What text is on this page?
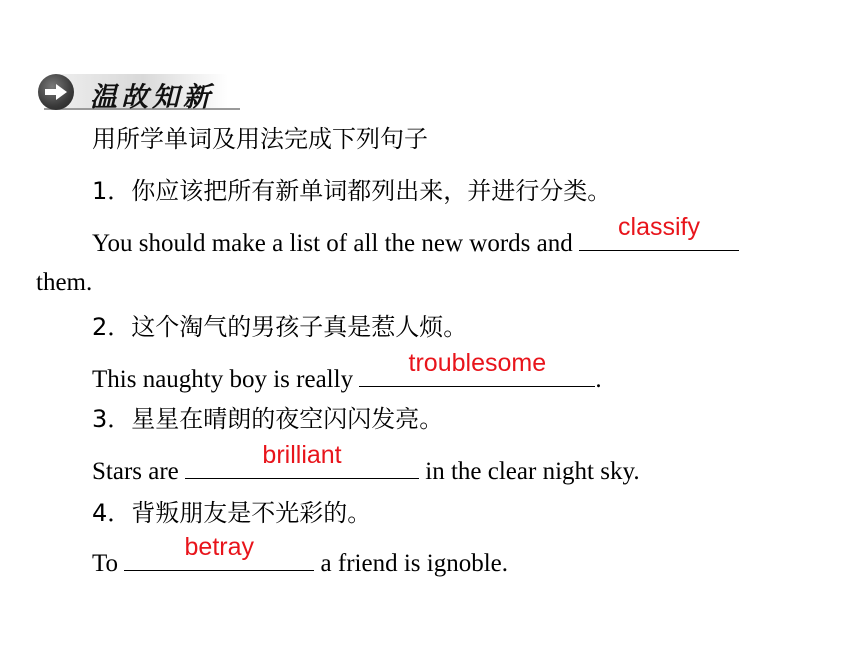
温故知新
用所学单词及用法完成下列句子
1．你应该把所有新单词都列出来，并进行分类。
You should make a list of all the new words and
classify
them.
2．这个淘气的男孩子真是惹人烦。
This naughty boy is really
troublesome
.
3．星星在晴朗的夜空闪闪发亮。
Stars are
brilliant
in the clear night sky.
4．背叛朋友是不光彩的。
To
betray
a friend is ignoble.
